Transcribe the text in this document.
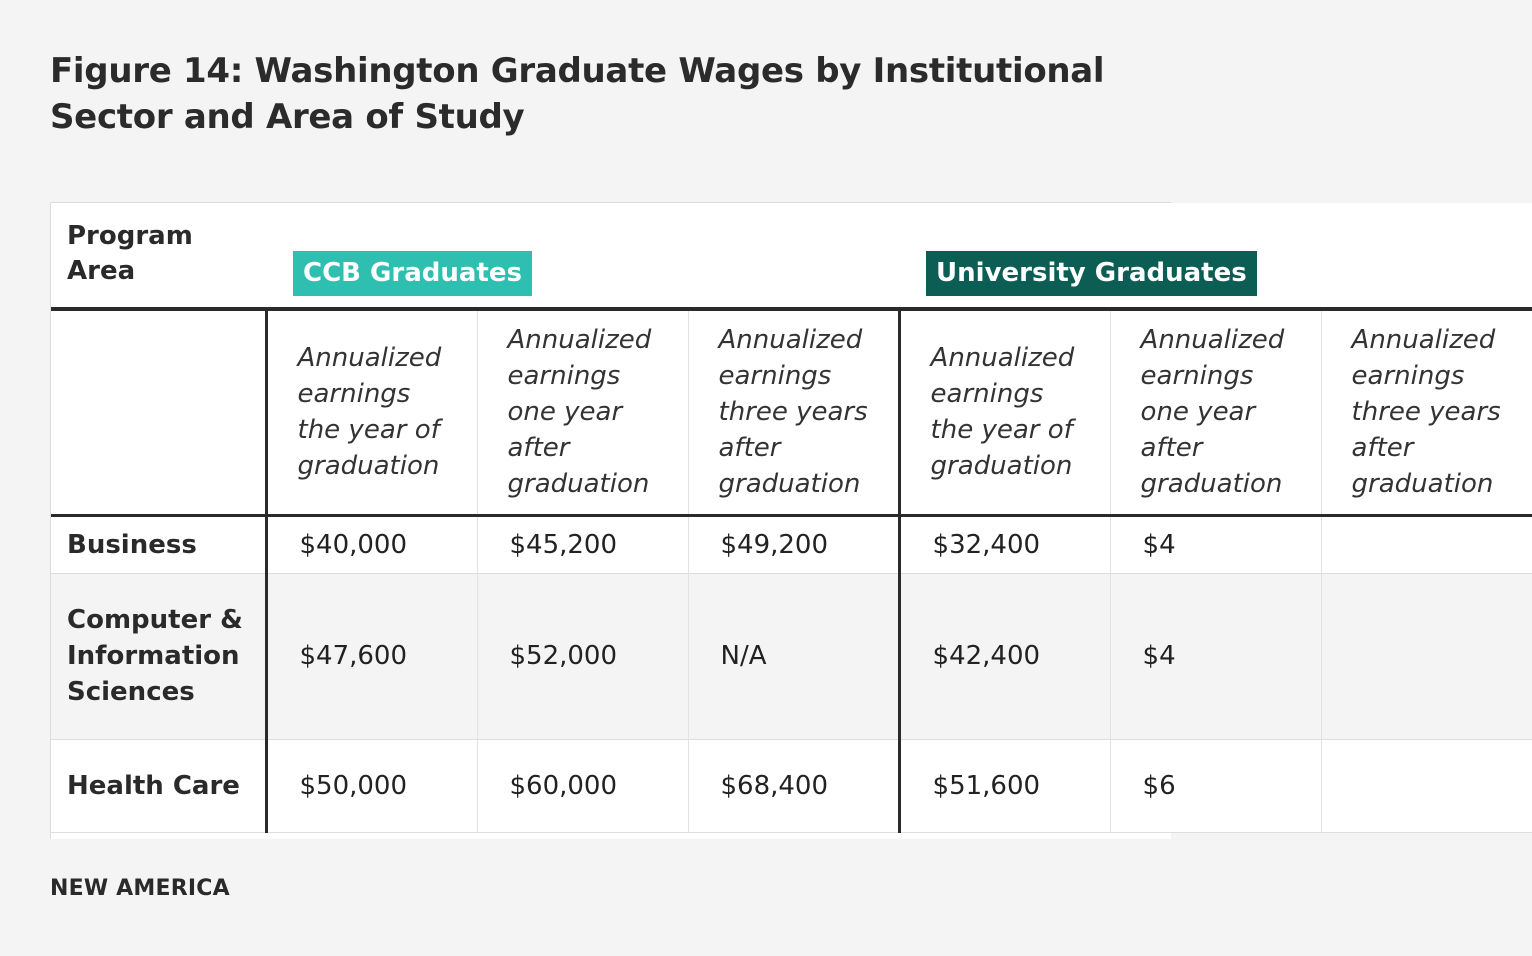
Figure 14: Washington Graduate Wages by Institutional Sector and Area of Study
Program Area	CCB Graduates			University Graduates		

	Annualized earnings the year of graduation	Annualized earnings one year after graduation	Annualized earnings three years after graduation	Annualized earnings the year of graduation	Annualized earnings one year after graduation	Annualized earnings three years after graduation

Business	$40,000	$45,200	$49,200	$32,400	$4	

Computer & Information Sciences	$47,600	$52,000	N/A	$42,400	$4	

Health Care	$50,000	$60,000	$68,400	$51,600	$6	

NEW AMERICA
